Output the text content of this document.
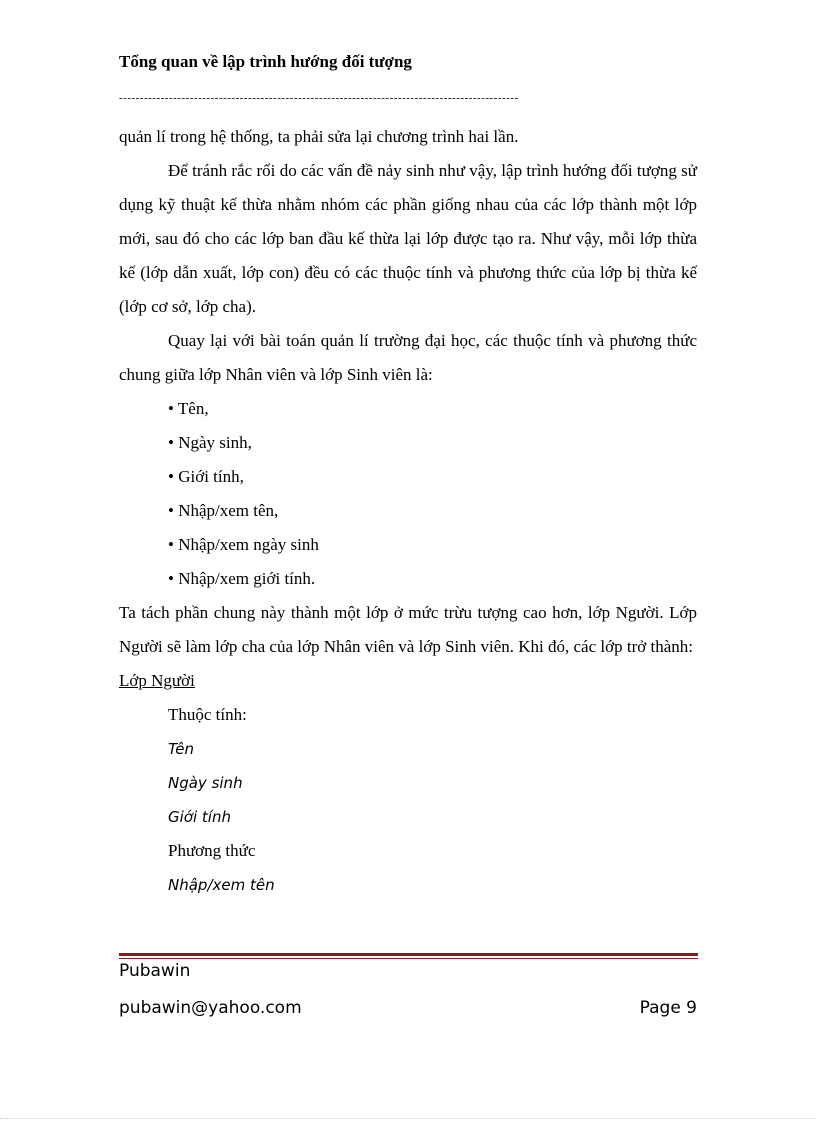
Tổng quan về lập trình hướng đối tượng
------------------------------------------------------------------------------------------------

quản lí trong hệ thống, ta phải sửa lại chương trình hai lần.

Để tránh rắc rối do các vấn đề nảy sinh như vậy, lập trình hướng đối tượng sử dụng kỹ thuật kế thừa nhằm nhóm các phần giống nhau của các lớp thành một lớp mới, sau đó cho các lớp ban đầu kế thừa lại lớp được tạo ra. Như vậy, mỗi lớp thừa kế (lớp dẫn xuất, lớp con) đều có các thuộc tính và phương thức của lớp bị thừa kế (lớp cơ sở, lớp cha).

Quay lại với bài toán quản lí trường đại học, các thuộc tính và phương thức chung giữa lớp Nhân viên và lớp Sinh viên là:

• Tên,

• Ngày sinh,

• Giới tính,

• Nhập/xem tên,

• Nhập/xem ngày sinh

• Nhập/xem giới tính.

Ta tách phần chung này thành một lớp ở mức trừu tượng cao hơn, lớp Người. Lớp Người sẽ làm lớp cha của lớp Nhân viên và lớp Sinh viên. Khi đó, các lớp trở thành:

Lớp Người

Thuộc tính:

Tên

Ngày sinh

Giới tính

Phương thức

Nhập/xem tên

Pubawin
pubawin@yahoo.com	Page 9
